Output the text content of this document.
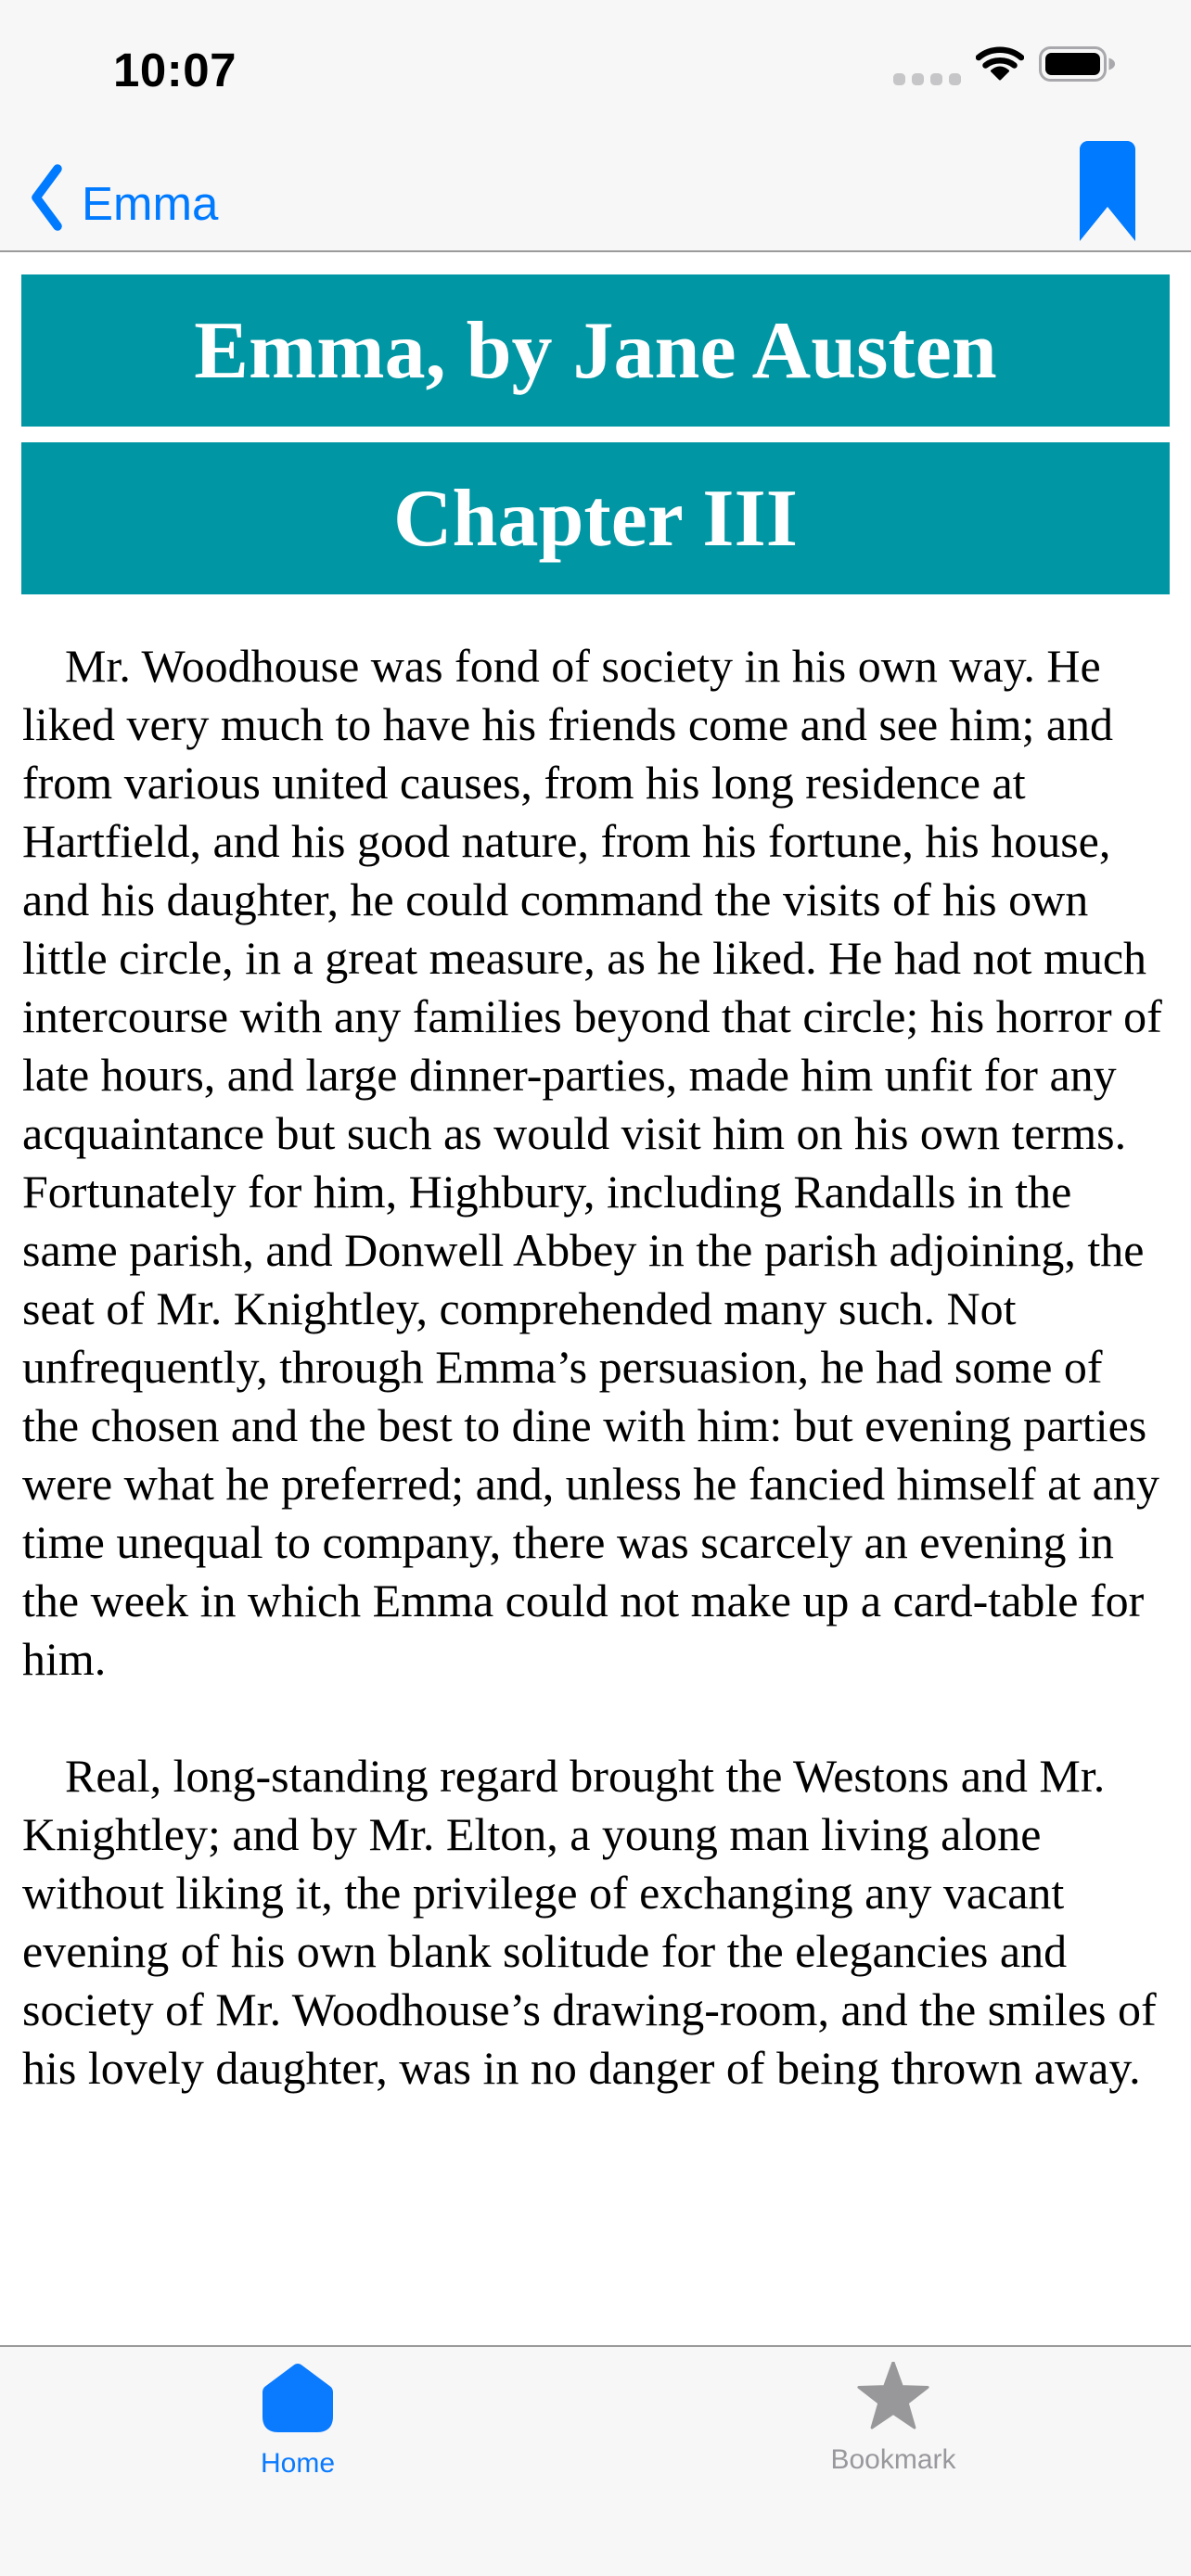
10:07
Emma
Emma, by Jane Austen
Chapter III

Mr. Woodhouse was fond of society in his own way. He liked very much to have his friends come and see him; and from various united causes, from his long residence at Hartfield, and his good nature, from his fortune, his house, and his daughter, he could command the visits of his own little circle, in a great measure, as he liked. He had not much intercourse with any families beyond that circle; his horror of late hours, and large dinner-parties, made him unfit for any acquaintance but such as would visit him on his own terms. Fortunately for him, Highbury, including Randalls in the same parish, and Donwell Abbey in the parish adjoining, the seat of Mr. Knightley, comprehended many such. Not unfrequently, through Emma’s persuasion, he had some of the chosen and the best to dine with him: but evening parties were what he preferred; and, unless he fancied himself at any time unequal to company, there was scarcely an evening in the week in which Emma could not make up a card-table for him.

Real, long-standing regard brought the Westons and Mr. Knightley; and by Mr. Elton, a young man living alone without liking it, the privilege of exchanging any vacant evening of his own blank solitude for the elegancies and society of Mr. Woodhouse’s drawing-room, and the smiles of his lovely daughter, was in no danger of being thrown away.

Home	Bookmark
